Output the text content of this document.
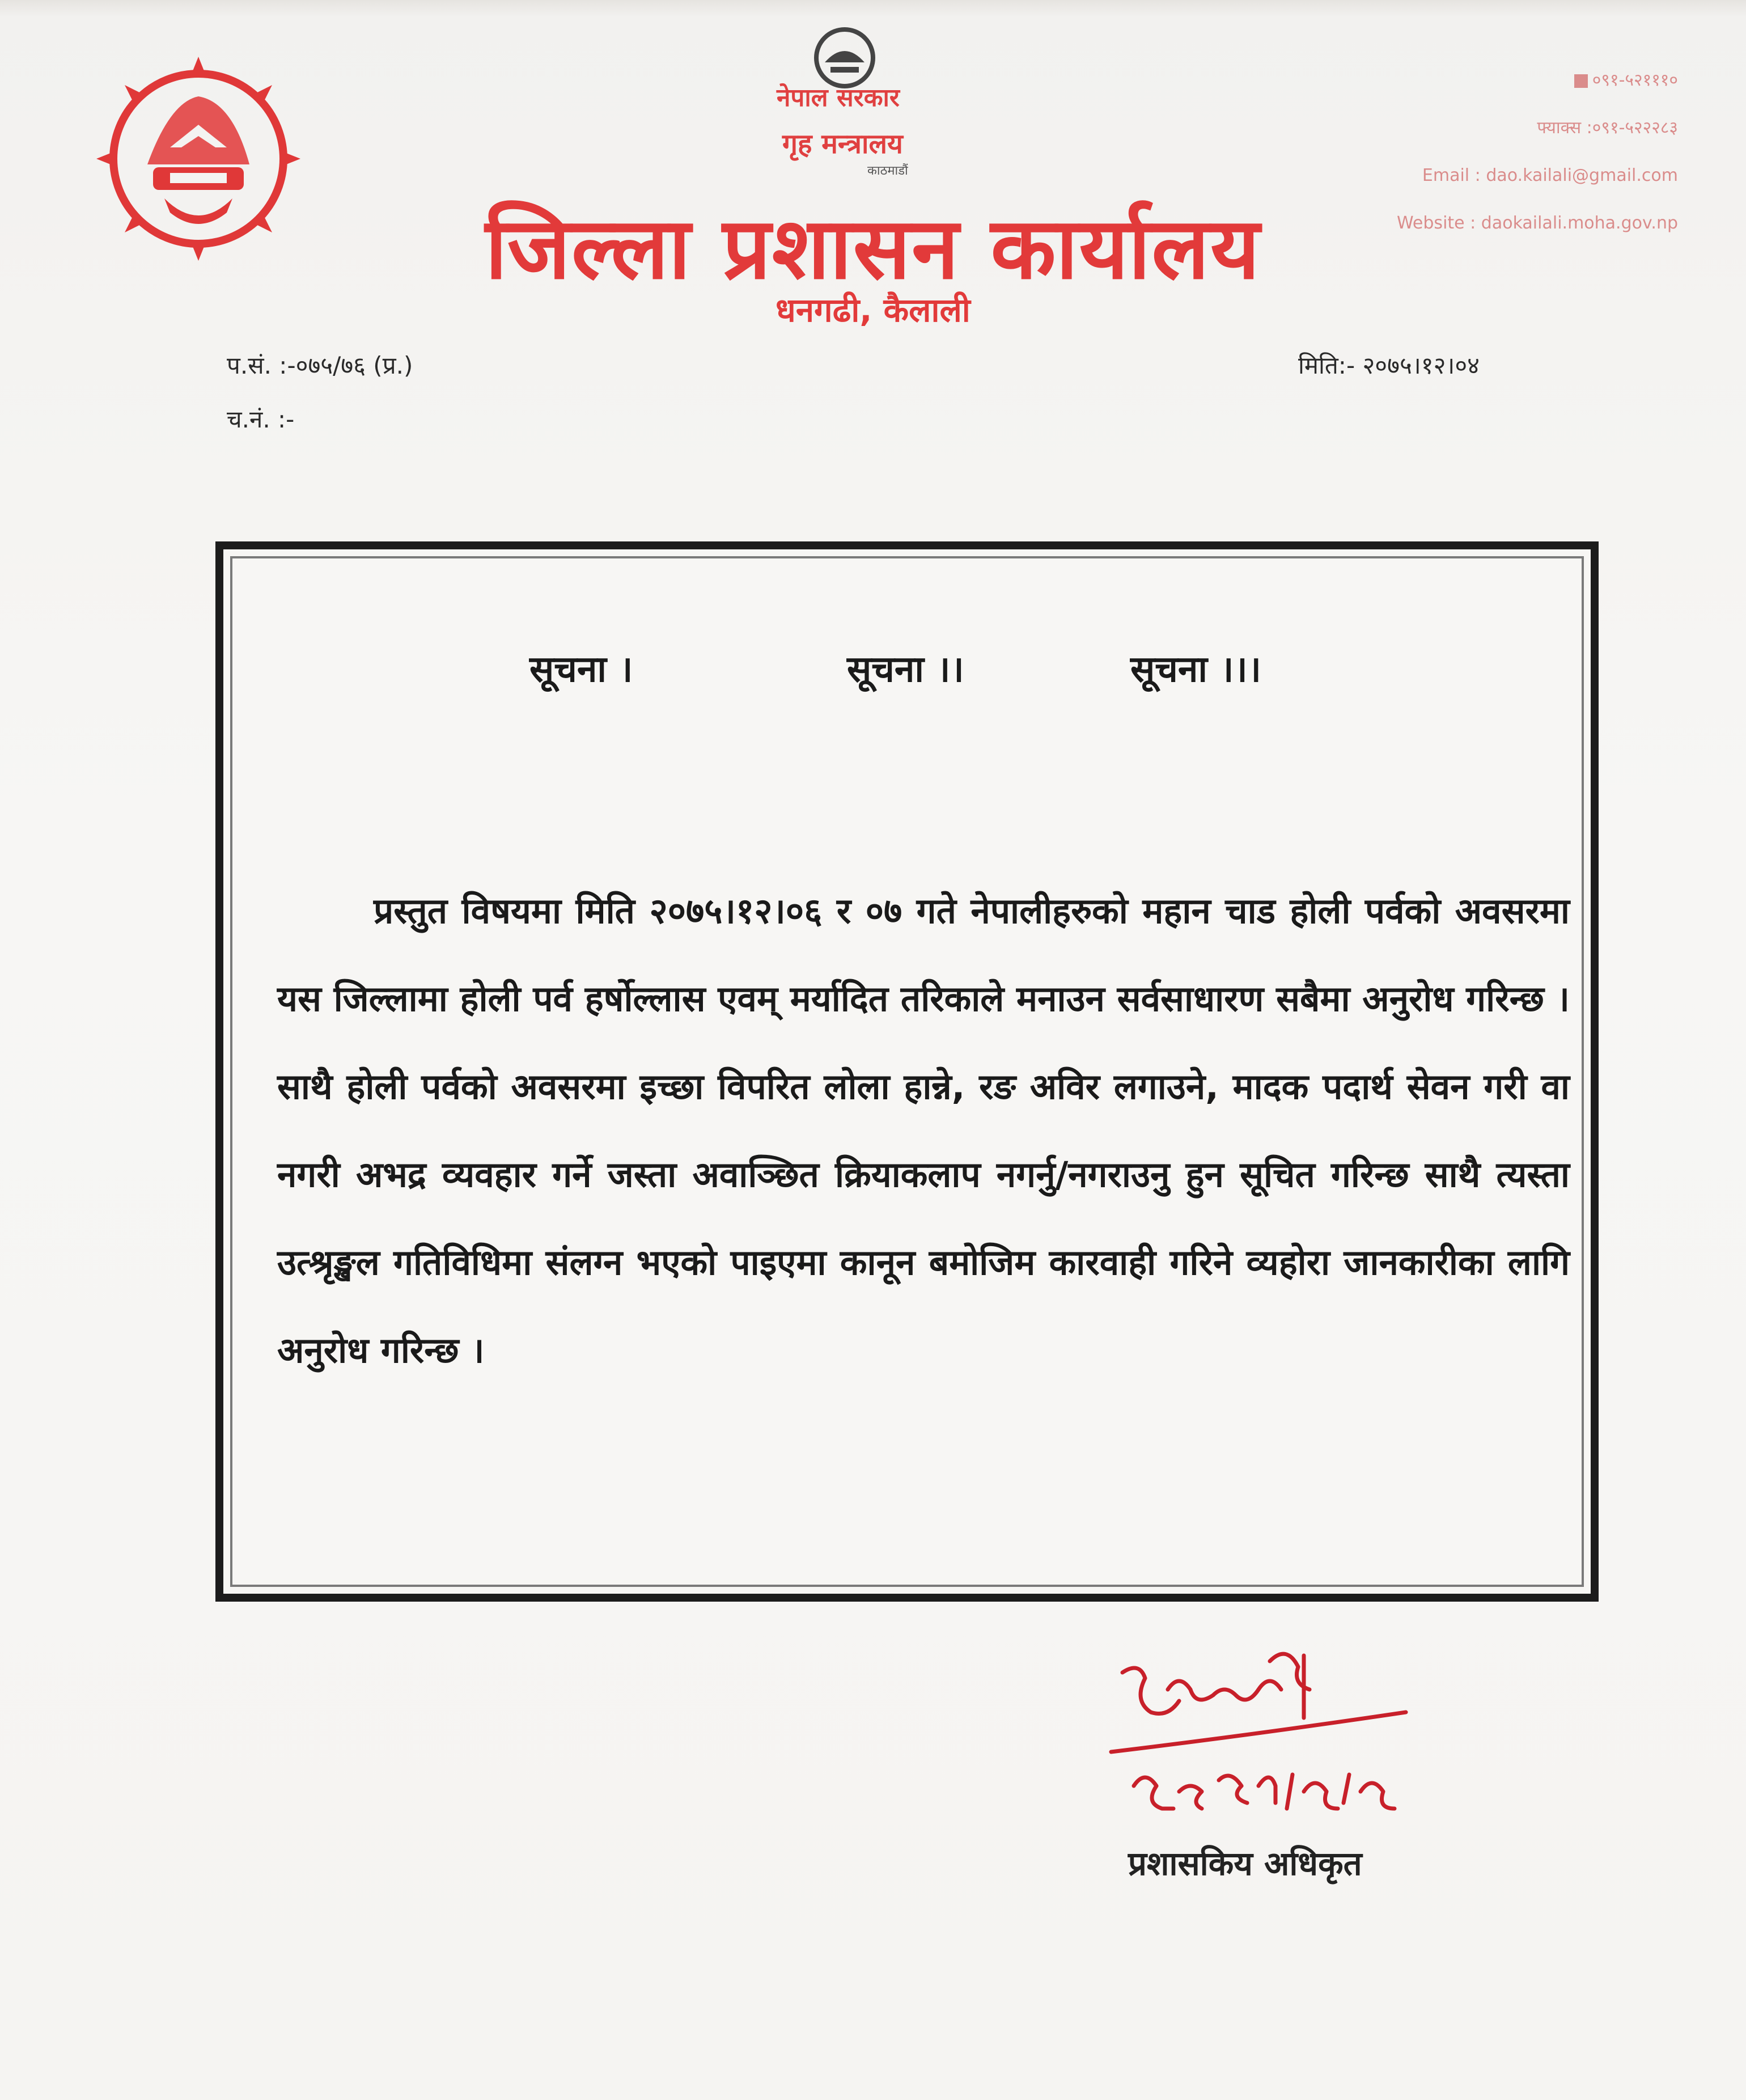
नेपाल सरकार
गृह मन्त्रालय
काठमाडौं
जिल्ला प्रशासन कार्यालय
धनगढी, कैलाली
०९१-५२१११०
फ्याक्स :०९१-५२२२८३
Email : dao.kailali@gmail.com
Website : daokailali.moha.gov.np
प.सं. :-०७५/७६ (प्र.)
च.नं. :-
मिति:- २०७५।१२।०४
सूचना ।	सूचना ।।	सूचना ।।।
प्रस्तुत विषयमा मिति २०७५।१२।०६ र ०७ गते नेपालीहरुको महान चाड होली पर्वको अवसरमा यस जिल्लामा होली पर्व हर्षोल्लास एवम् मर्यादित तरिकाले मनाउन सर्वसाधारण सबैमा अनुरोध गरिन्छ । साथै होली पर्वको अवसरमा इच्छा विपरित लोला हान्ने, रङ अविर लगाउने, मादक पदार्थ सेवन गरी वा नगरी अभद्र व्यवहार गर्ने जस्ता अवाञ्छित क्रियाकलाप नगर्नु/नगराउनु हुन सूचित गरिन्छ साथै त्यस्ता उत्श्रृङ्खल गतिविधिमा संलग्न भएको पाइएमा कानून बमोजिम कारवाही गरिने व्यहोरा जानकारीका लागि अनुरोध गरिन्छ ।
प्रशासकिय अधिकृत
